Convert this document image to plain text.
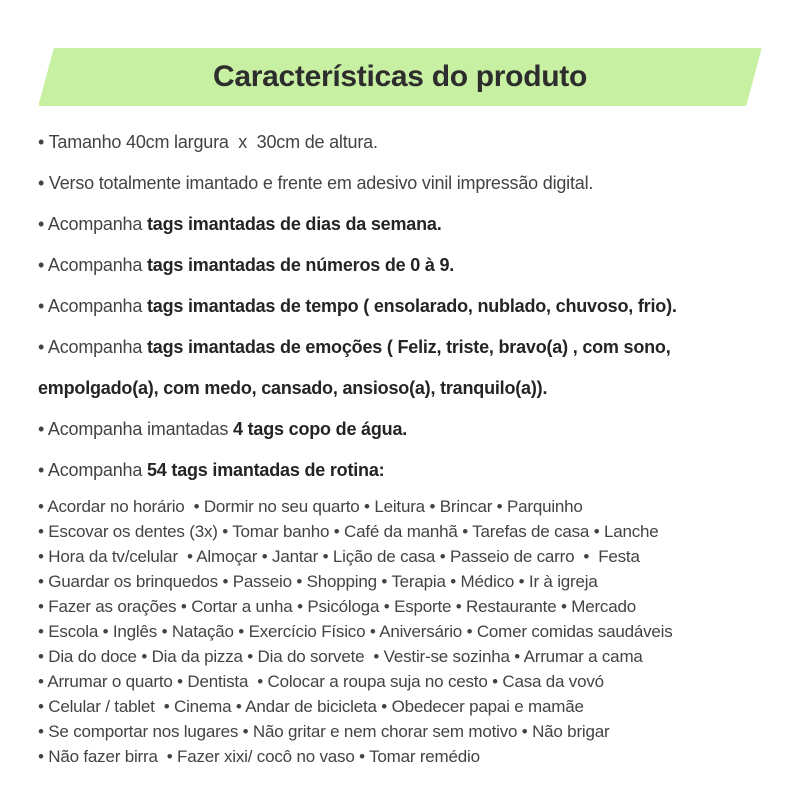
Características do produto

• Tamanho 40cm largura  x  30cm de altura.

• Verso totalmente imantado e frente em adesivo vinil impressão digital.

• Acompanha tags imantadas de dias da semana.

• Acompanha tags imantadas de números de 0 à 9.

• Acompanha tags imantadas de tempo ( ensolarado, nublado, chuvoso, frio).

• Acompanha tags imantadas de emoções ( Feliz, triste, bravo(a) , com sono, empolgado(a), com medo, cansado, ansioso(a), tranquilo(a)).

• Acompanha imantadas 4 tags copo de água.

• Acompanha 54 tags imantadas de rotina:

• Acordar no horário  • Dormir no seu quarto • Leitura • Brincar • Parquinho

• Escovar os dentes (3x) • Tomar banho • Café da manhã • Tarefas de casa • Lanche

• Hora da tv/celular  • Almoçar • Jantar • Lição de casa • Passeio de carro  •  Festa

• Guardar os brinquedos • Passeio • Shopping • Terapia • Médico • Ir à igreja

• Fazer as orações • Cortar a unha • Psicóloga • Esporte • Restaurante • Mercado

• Escola • Inglês • Natação • Exercício Físico • Aniversário • Comer comidas saudáveis

• Dia do doce • Dia da pizza • Dia do sorvete  • Vestir-se sozinha • Arrumar a cama

• Arrumar o quarto • Dentista  • Colocar a roupa suja no cesto • Casa da vovó

• Celular / tablet  • Cinema • Andar de bicicleta • Obedecer papai e mamãe

• Se comportar nos lugares • Não gritar e nem chorar sem motivo • Não brigar

• Não fazer birra  • Fazer xixi/ cocô no vaso • Tomar remédio
